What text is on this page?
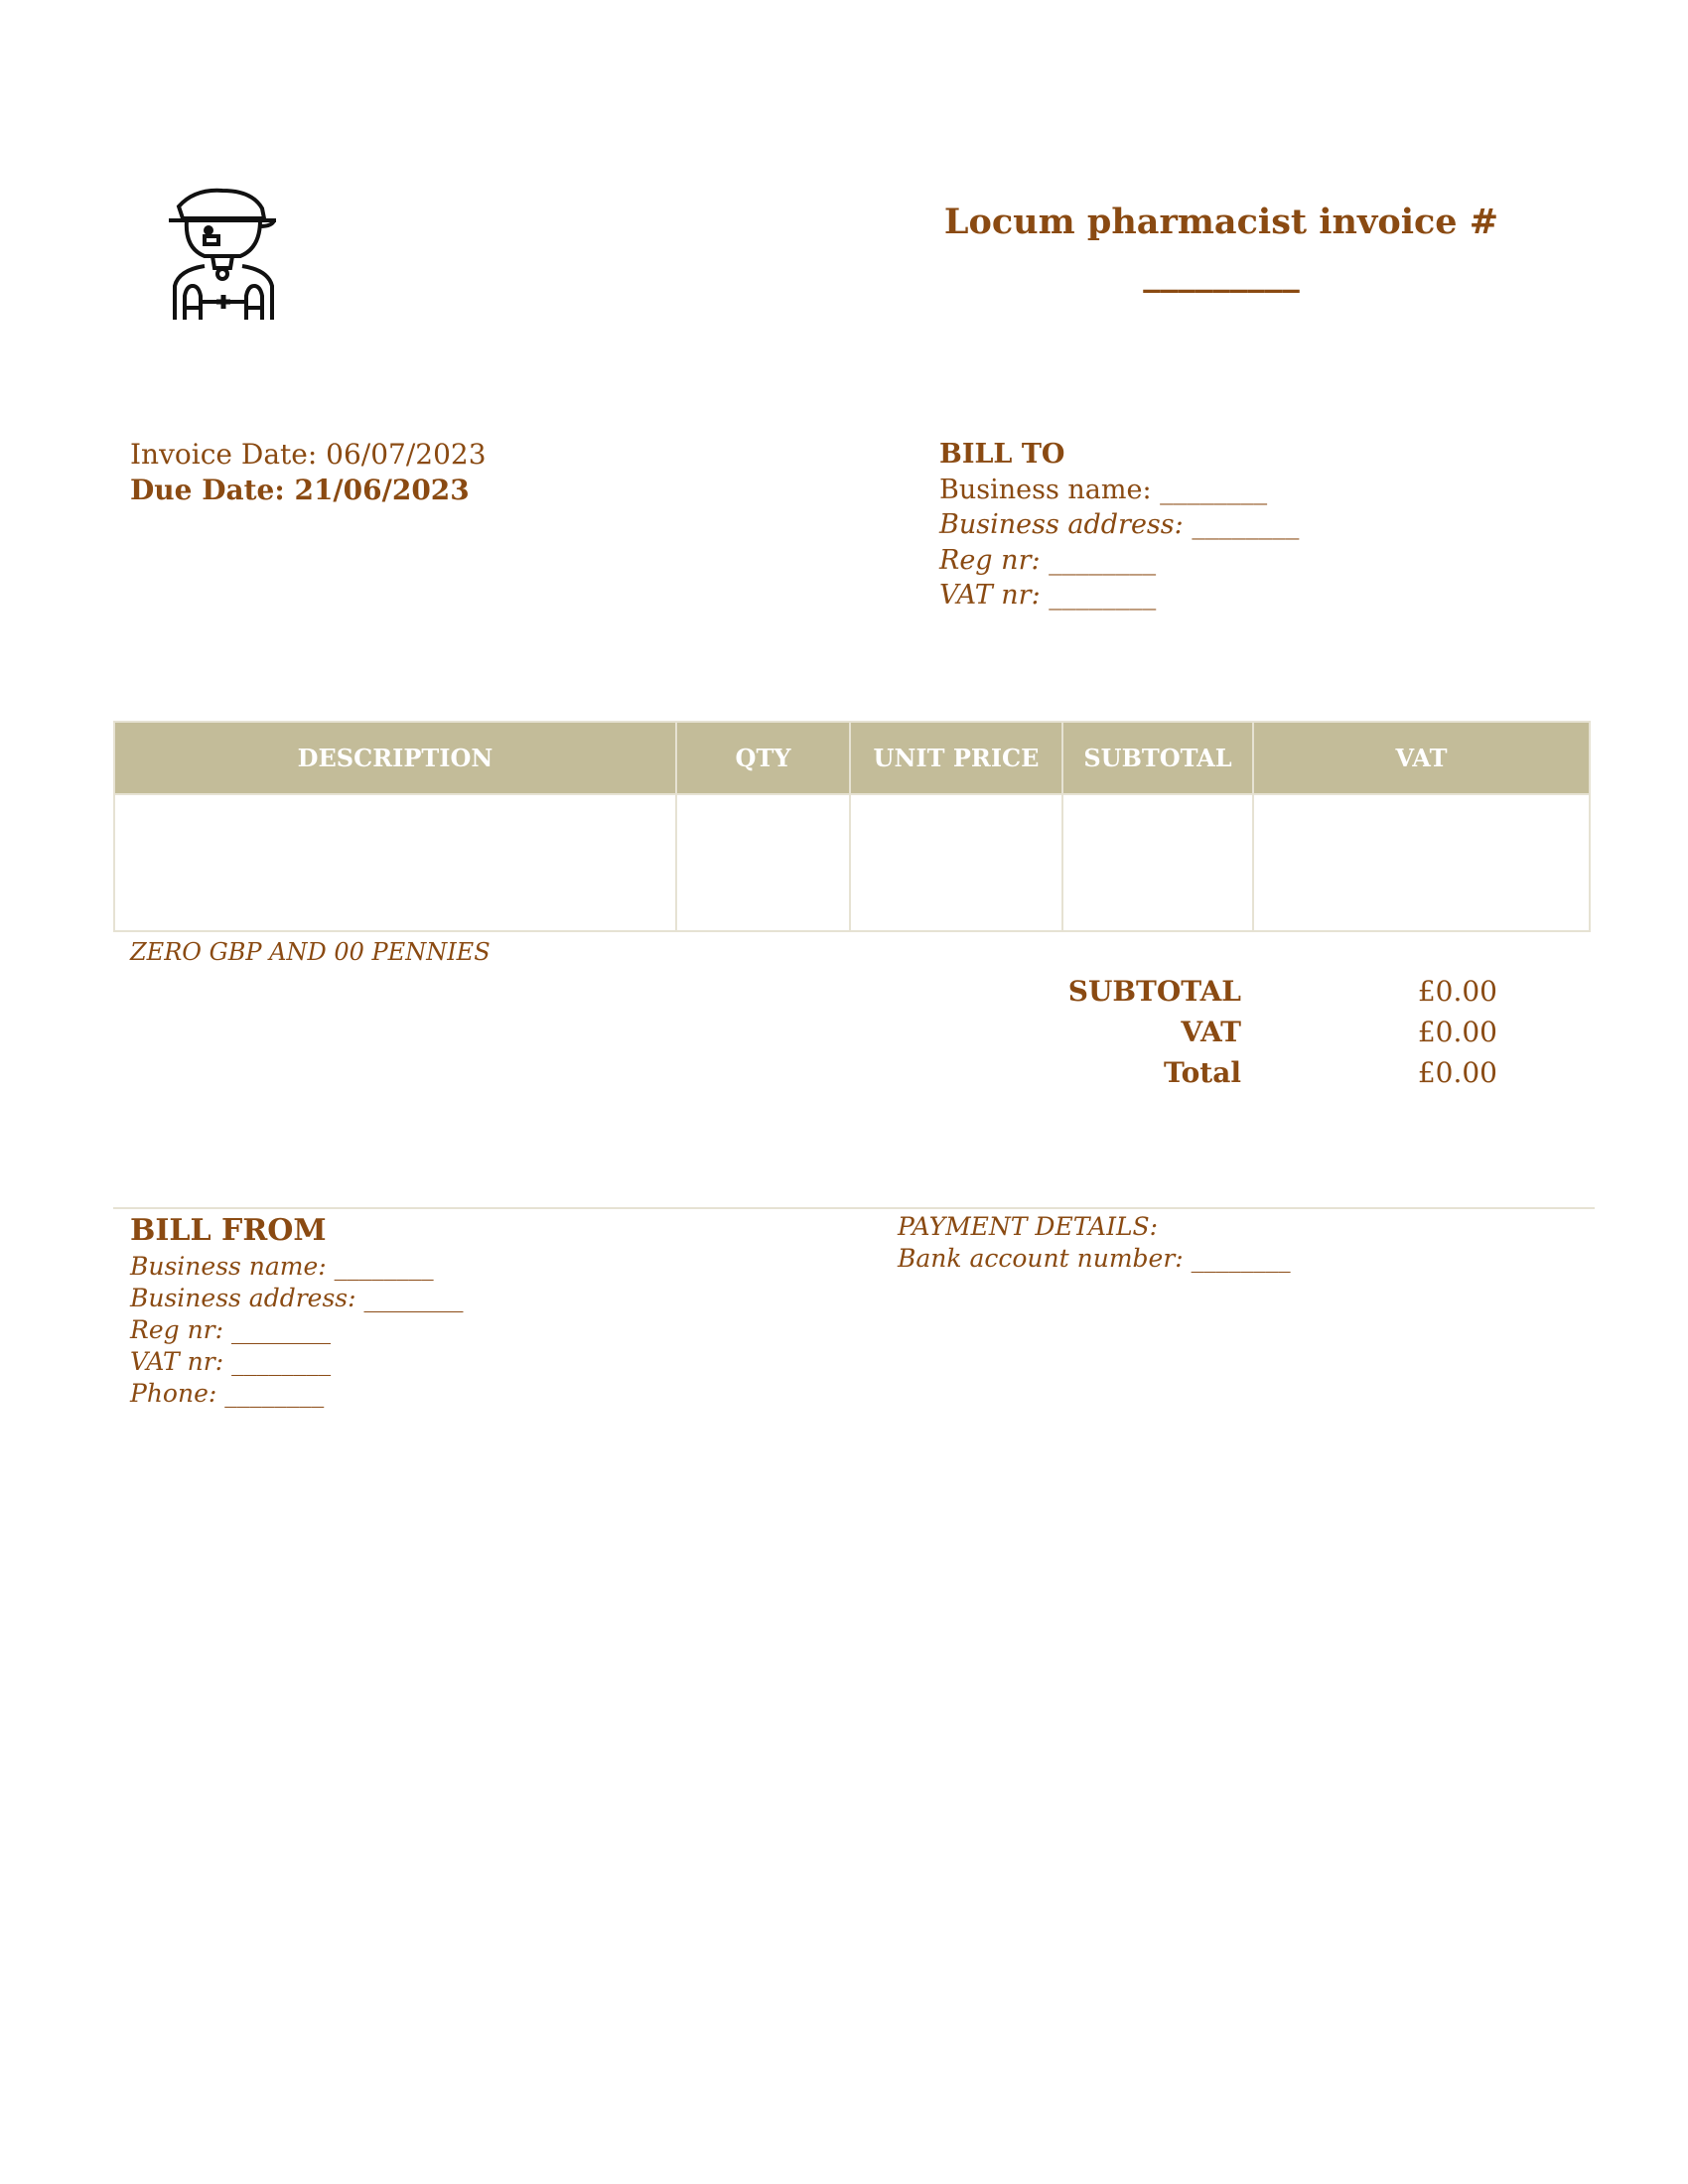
Locum pharmacist invoice #
_________
Invoice Date: 06/07/2023
Due Date: 21/06/2023
BILL TO
Business name: ________
Business address: ________
Reg nr: ________
VAT nr: ________
DESCRIPTION	QTY	UNIT PRICE	SUBTOTAL	VAT

ZERO GBP AND 00 PENNIES
SUBTOTAL	£0.00
VAT	£0.00
Total	£0.00
BILL FROM
Business name: ________
Business address: ________
Reg nr: ________
VAT nr: ________
Phone: ________
PAYMENT DETAILS:
Bank account number: ________
